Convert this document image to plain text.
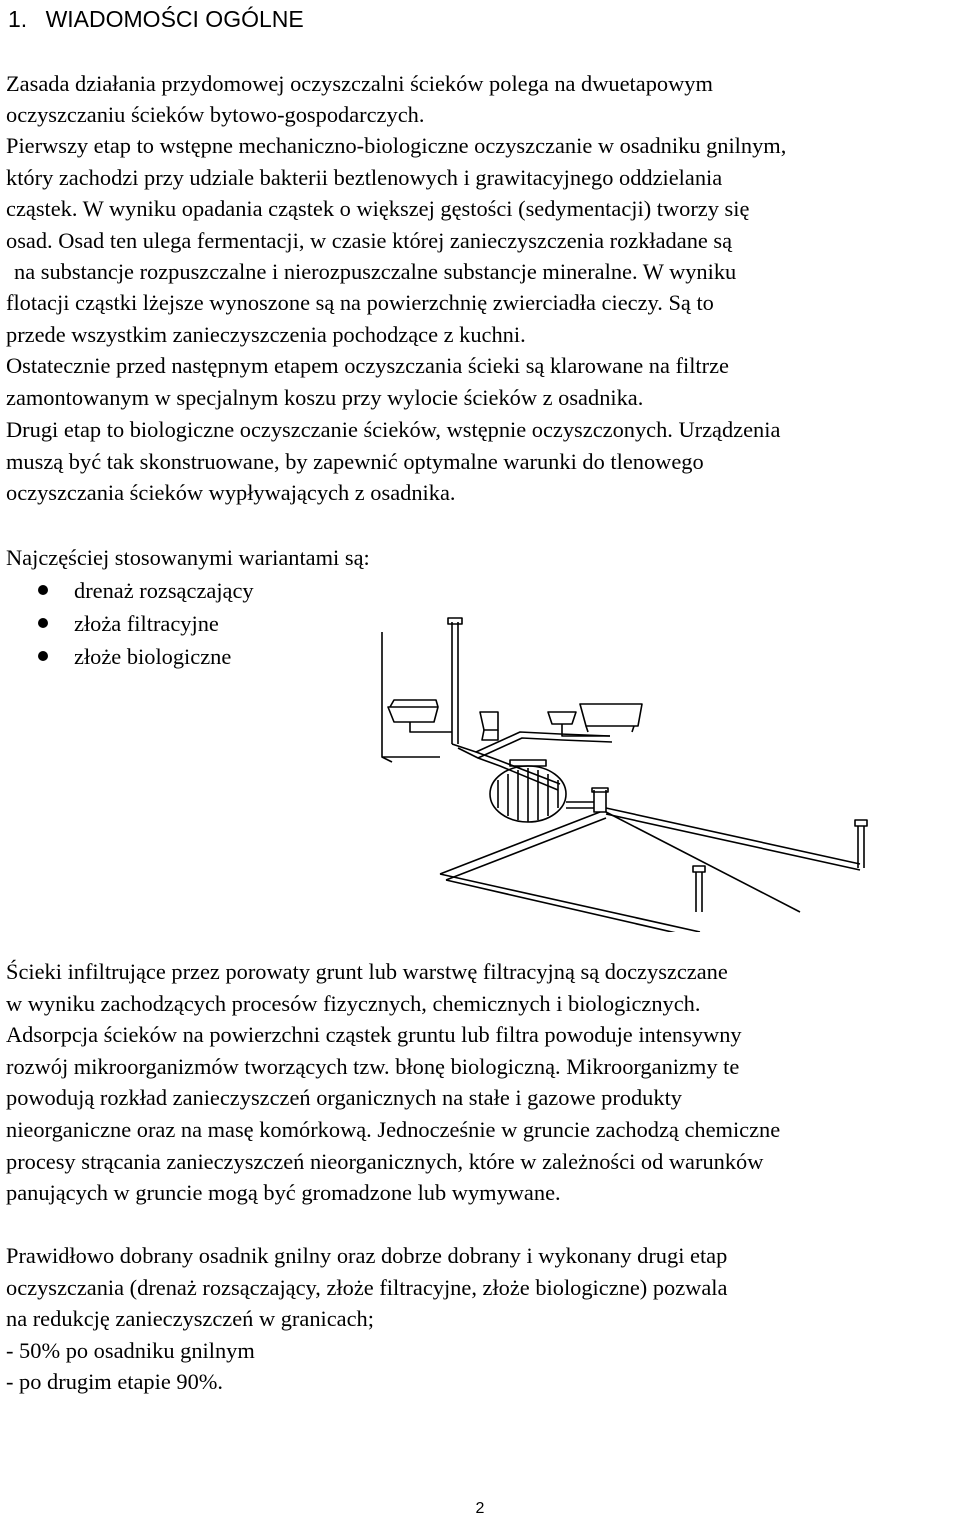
1. WIADOMOŚCI OGÓLNE
Zasada działania przydomowej oczyszczalni ścieków polega na dwuetapowym
oczyszczaniu ścieków bytowo-gospodarczych.
Pierwszy etap to wstępne mechaniczno-biologiczne oczyszczanie w osadniku gnilnym,
który zachodzi przy udziale bakterii beztlenowych i grawitacyjnego oddzielania
cząstek. W wyniku opadania cząstek o większej gęstości (sedymentacji) tworzy się
osad. Osad ten ulega fermentacji, w czasie której zanieczyszczenia rozkładane są
na substancje rozpuszczalne i nierozpuszczalne substancje mineralne. W wyniku
flotacji cząstki lżejsze wynoszone są na powierzchnię zwierciadła cieczy. Są to
przede wszystkim zanieczyszczenia pochodzące z kuchni.
Ostatecznie przed następnym etapem oczyszczania ścieki są klarowane na filtrze
zamontowanym w specjalnym koszu przy wylocie ścieków z osadnika.
Drugi etap to biologiczne oczyszczanie ścieków, wstępnie oczyszczonych. Urządzenia
muszą być tak skonstruowane, by zapewnić optymalne warunki do tlenowego
oczyszczania ścieków wypływających z osadnika.
Najczęściej stosowanymi wariantami są:
drenaż rozsączający
złoża filtracyjne
złoże biologiczne
Ścieki infiltrujące przez porowaty grunt lub warstwę filtracyjną są doczyszczane
w wyniku zachodzących procesów fizycznych, chemicznych i biologicznych.
Adsorpcja ścieków na powierzchni cząstek gruntu lub filtra powoduje intensywny
rozwój mikroorganizmów tworzących tzw. błonę biologiczną. Mikroorganizmy te
powodują rozkład zanieczyszczeń organicznych na stałe i gazowe produkty
nieorganiczne oraz na masę komórkową. Jednocześnie w gruncie zachodzą chemiczne
procesy strącania zanieczyszczeń nieorganicznych, które w zależności od warunków
panujących w gruncie mogą być gromadzone lub wymywane.
Prawidłowo dobrany osadnik gnilny oraz dobrze dobrany i wykonany drugi etap
oczyszczania (drenaż rozsączający, złoże filtracyjne, złoże biologiczne) pozwala
na redukcję zanieczyszczeń w granicach;
- 50% po osadniku gnilnym
- po drugim etapie 90%.
2
